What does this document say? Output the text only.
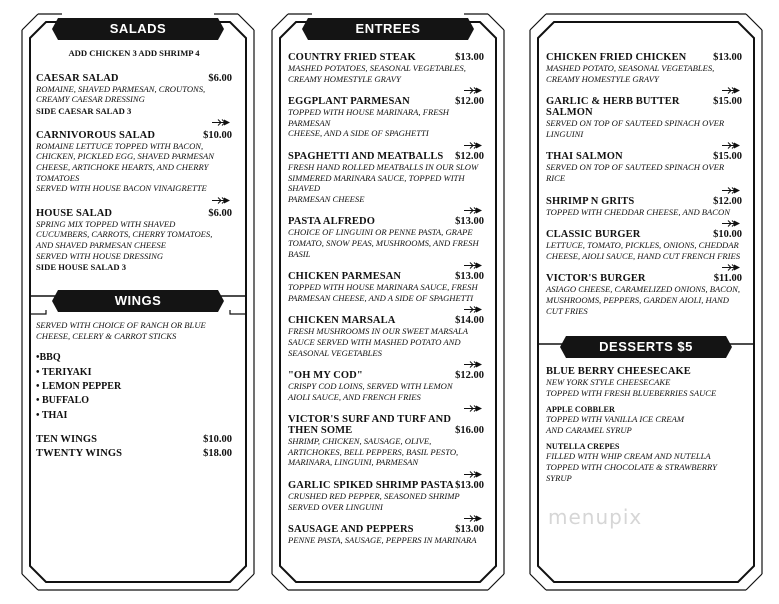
SALADS
ADD CHICKEN 3 ADD SHRIMP 4
CAESAR SALAD	$6.00
ROMAINE, SHAVED PARMESAN, CROUTONS,
CREAMY CAESAR DRESSING
SIDE CAESAR SALAD 3
CARNIVOROUS SALAD	$10.00
ROMAINE LETTUCE TOPPED WITH BACON,
CHICKEN, PICKLED EGG, SHAVED PARMESAN
CHEESE, ARTICHOKE HEARTS, AND CHERRY
TOMATOES
SERVED WITH HOUSE BACON VINAIGRETTE
HOUSE SALAD	$6.00
SPRING MIX TOPPED WITH SHAVED
CUCUMBERS, CARROTS, CHERRY TOMATOES,
AND SHAVED PARMESAN CHEESE
SERVED WITH HOUSE DRESSING
SIDE HOUSE SALAD 3
WINGS
SERVED WITH CHOICE OF RANCH OR BLUE CHEESE, CELERY & CARROT STICKS
•BBQ
• TERIYAKI
• LEMON PEPPER
• BUFFALO
• THAI
TEN WINGS	$10.00
TWENTY WINGS	$18.00
ENTREES
COUNTRY FRIED STEAK	$13.00
MASHED POTATOES, SEASONAL VEGETABLES,
CREAMY HOMESTYLE GRAVY
EGGPLANT PARMESAN	$12.00
TOPPED WITH HOUSE MARINARA, FRESH PARMESAN
CHEESE, AND A SIDE OF SPAGHETTI
SPAGHETTI AND MEATBALLS $12.00
FRESH HAND ROLLED MEATBALLS IN OUR SLOW
SIMMERED MARINARA SAUCE, TOPPED WITH SHAVED
PARMESAN CHEESE
PASTA ALFREDO	$13.00
CHOICE OF LINGUINI OR PENNE PASTA, GRAPE
TOMATO, SNOW PEAS, MUSHROOMS, AND FRESH
BASIL
CHICKEN PARMESAN	$13.00
TOPPED WITH HOUSE MARINARA SAUCE, FRESH
PARMESAN CHEESE, AND A SIDE OF SPAGHETTI
CHICKEN MARSALA	$14.00
FRESH MUSHROOMS IN OUR SWEET MARSALA
SAUCE SERVED WITH MASHED POTATO AND
SEASONAL VEGETABLES
"OH MY COD"	$12.00
CRISPY COD LOINS, SERVED WITH LEMON
AIOLI SAUCE, AND FRENCH FRIES
VICTOR'S SURF AND TURF AND
THEN SOME	$16.00
SHRIMP, CHICKEN, SAUSAGE, OLIVE,
ARTICHOKES, BELL PEPPERS, BASIL PESTO,
MARINARA, LINGUINI, PARMESAN
GARLIC SPIKED SHRIMP PASTA $13.00
CRUSHED RED PEPPER, SEASONED SHRIMP
SERVED OVER LINGUINI
SAUSAGE AND PEPPERS	$13.00
PENNE PASTA, SAUSAGE, PEPPERS IN MARINARA
CHICKEN FRIED CHICKEN	$13.00
MASHED POTATO, SEASONAL VEGETABLES,
CREAMY HOMESTYLE GRAVY
GARLIC & HERB BUTTER SALMON
$15.00
SERVED ON TOP OF SAUTEED SPINACH OVER
LINGUINI
THAI SALMON	$15.00
SERVED ON TOP OF SAUTEED SPINACH OVER
RICE
SHRIMP N GRITS	$12.00
TOPPED WITH CHEDDAR CHEESE, AND BACON
CLASSIC BURGER	$10.00
LETTUCE, TOMATO, PICKLES, ONIONS, CHEDDAR
CHEESE, AIOLI SAUCE, HAND CUT FRENCH FRIES
VICTOR'S BURGER	$11.00
ASIAGO CHEESE, CARAMELIZED ONIONS, BACON,
MUSHROOMS, PEPPERS, GARDEN AIOLI, HAND
CUT FRIES
DESSERTS $5
BLUE BERRY CHEESECAKE
NEW YORK STYLE CHEESECAKE
TOPPED WITH FRESH BLUEBERRIES SAUCE
APPLE COBBLER
TOPPED WITH VANILLA ICE CREAM
AND CARAMEL SYRUP
NUTELLA CREPES
FILLED WITH WHIP CREAM AND NUTELLA
TOPPED WITH CHOCOLATE & STRAWBERRY
SYRUP
menupix
